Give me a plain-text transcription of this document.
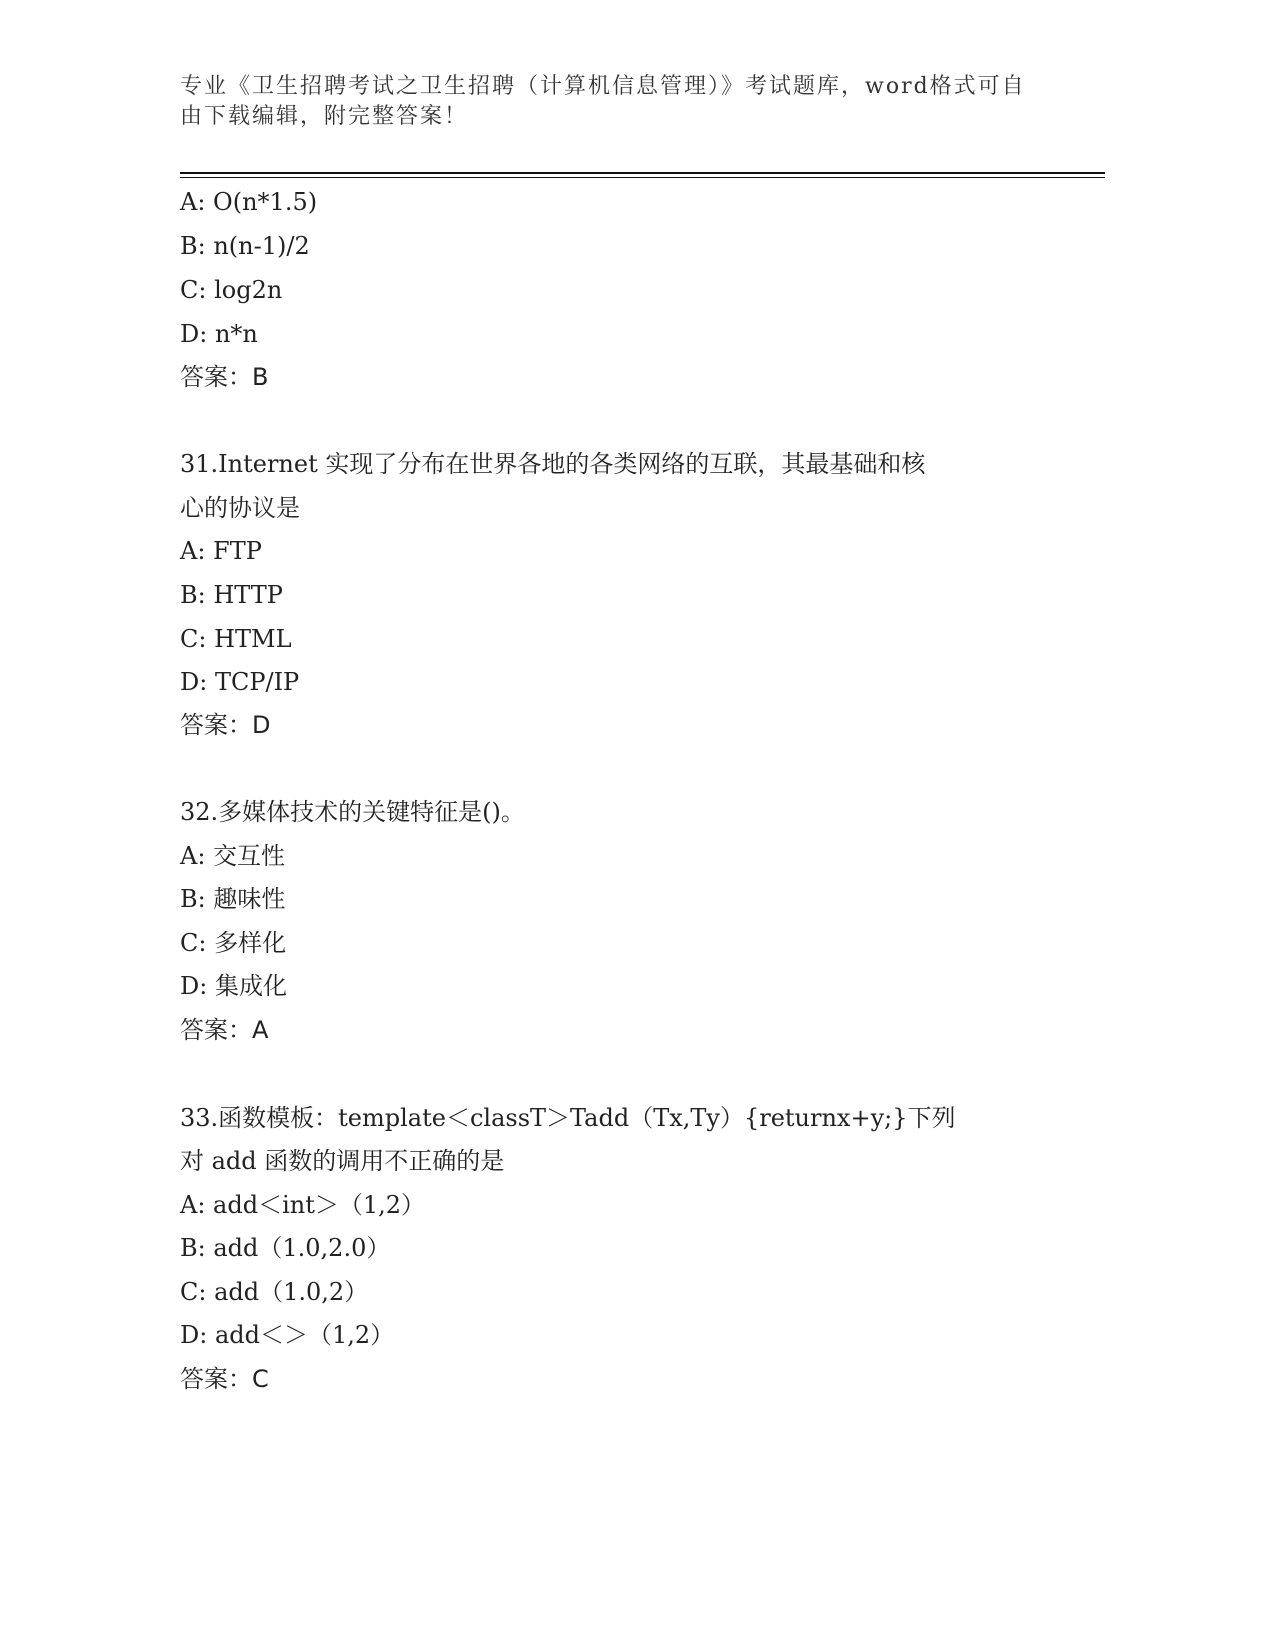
专业《卫生招聘考试之卫生招聘（计算机信息管理）》考试题库，word格式可自
由下载编辑，附完整答案！
A: O(n*1.5)
B: n(n-1)/2
C: log2n
D: n*n
答案：B
31.Internet 实现了分布在世界各地的各类网络的互联，其最基础和核
心的协议是
A: FTP
B: HTTP
C: HTML
D: TCP/IP
答案：D
32.多媒体技术的关键特征是()。
A: 交互性
B: 趣味性
C: 多样化
D: 集成化
答案：A
33.函数模板：template＜classT＞Tadd（Tx,Ty）{returnx+y;}下列
对 add 函数的调用不正确的是
A: add＜int＞（1,2）
B: add（1.0,2.0）
C: add（1.0,2）
D: add＜＞（1,2）
答案：C
